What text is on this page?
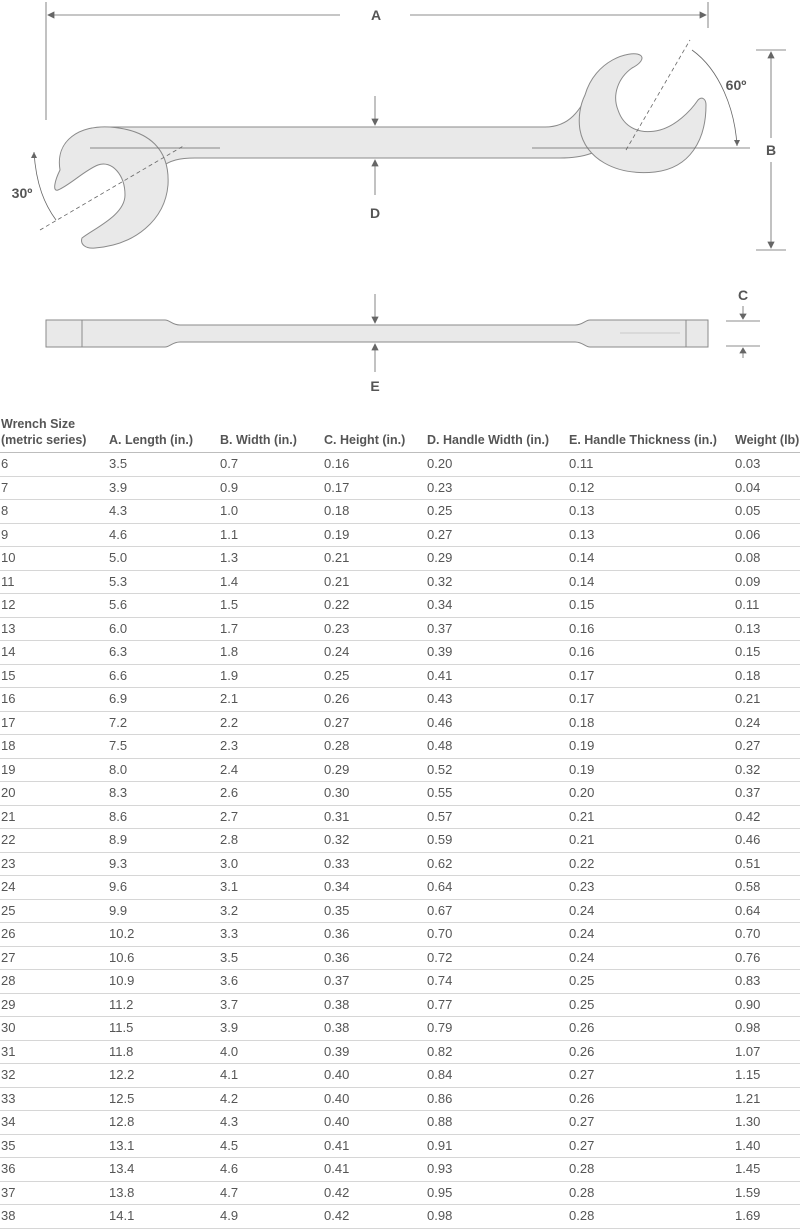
A
B
30º
60º
D
C
E
Wrench Size (metric series)	A. Length (in.)	B. Width (in.)	C. Height (in.)	D. Handle Width (in.)	E. Handle Thickness (in.)	Weight (lb)
6	3.5	0.7	0.16	0.20	0.11	0.03
7	3.9	0.9	0.17	0.23	0.12	0.04
8	4.3	1.0	0.18	0.25	0.13	0.05
9	4.6	1.1	0.19	0.27	0.13	0.06
10	5.0	1.3	0.21	0.29	0.14	0.08
11	5.3	1.4	0.21	0.32	0.14	0.09
12	5.6	1.5	0.22	0.34	0.15	0.11
13	6.0	1.7	0.23	0.37	0.16	0.13
14	6.3	1.8	0.24	0.39	0.16	0.15
15	6.6	1.9	0.25	0.41	0.17	0.18
16	6.9	2.1	0.26	0.43	0.17	0.21
17	7.2	2.2	0.27	0.46	0.18	0.24
18	7.5	2.3	0.28	0.48	0.19	0.27
19	8.0	2.4	0.29	0.52	0.19	0.32
20	8.3	2.6	0.30	0.55	0.20	0.37
21	8.6	2.7	0.31	0.57	0.21	0.42
22	8.9	2.8	0.32	0.59	0.21	0.46
23	9.3	3.0	0.33	0.62	0.22	0.51
24	9.6	3.1	0.34	0.64	0.23	0.58
25	9.9	3.2	0.35	0.67	0.24	0.64
26	10.2	3.3	0.36	0.70	0.24	0.70
27	10.6	3.5	0.36	0.72	0.24	0.76
28	10.9	3.6	0.37	0.74	0.25	0.83
29	11.2	3.7	0.38	0.77	0.25	0.90
30	11.5	3.9	0.38	0.79	0.26	0.98
31	11.8	4.0	0.39	0.82	0.26	1.07
32	12.2	4.1	0.40	0.84	0.27	1.15
33	12.5	4.2	0.40	0.86	0.26	1.21
34	12.8	4.3	0.40	0.88	0.27	1.30
35	13.1	4.5	0.41	0.91	0.27	1.40
36	13.4	4.6	0.41	0.93	0.28	1.45
37	13.8	4.7	0.42	0.95	0.28	1.59
38	14.1	4.9	0.42	0.98	0.28	1.69
